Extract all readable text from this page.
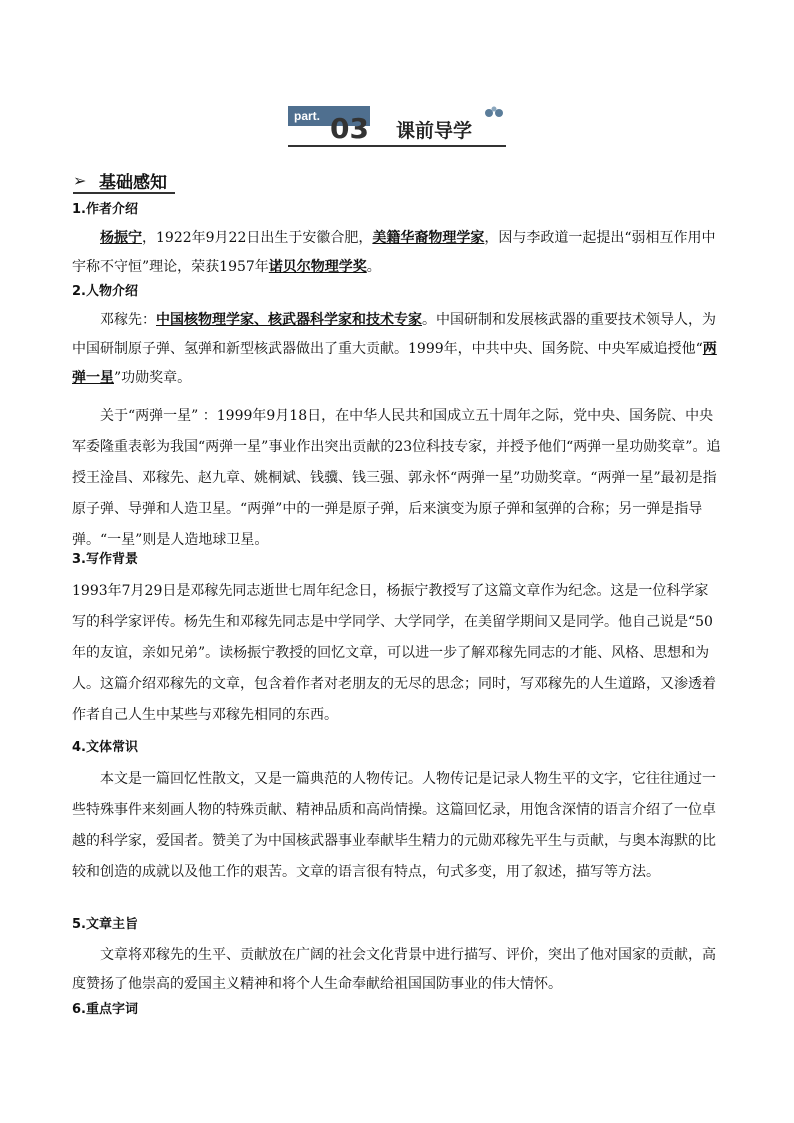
part. 03 课前导学
➢ 基础感知
1.作者介绍

杨振宁，1922年9月22日出生于安徽合肥，美籍华裔物理学家，因与李政道一起提出“弱相互作用中宇称不守恒”理论，荣获1957年诺贝尔物理学奖。

2.人物介绍

邓稼先：中国核物理学家、核武器科学家和技术专家。中国研制和发展核武器的重要技术领导人，为中国研制原子弹、氢弹和新型核武器做出了重大贡献。1999年，中共中央、国务院、中央军威追授他“两弹一星”功勋奖章。

关于“两弹一星” ：1999年9月18日，在中华人民共和国成立五十周年之际，党中央、国务院、中央军委隆重表彰为我国“两弹一星”事业作出突出贡献的23位科技专家，并授予他们“两弹一星功勋奖章”。追授王淦昌、邓稼先、赵九章、姚桐斌、钱骥、钱三强、郭永怀“两弹一星”功勋奖章。“两弹一星”最初是指原子弹、导弹和人造卫星。“两弹”中的一弹是原子弹，后来演变为原子弹和氢弹的合称；另一弹是指导弹。“一星”则是人造地球卫星。

3.写作背景

1993年7月29日是邓稼先同志逝世七周年纪念日，杨振宁教授写了这篇文章作为纪念。这是一位科学家写的科学家评传。杨先生和邓稼先同志是中学同学、大学同学，在美留学期间又是同学。他自己说是“50年的友谊，亲如兄弟”。读杨振宁教授的回忆文章，可以进一步了解邓稼先同志的才能、风格、思想和为人。这篇介绍邓稼先的文章，包含着作者对老朋友的无尽的思念；同时，写邓稼先的人生道路，又渗透着作者自己人生中某些与邓稼先相同的东西。

4.文体常识

本文是一篇回忆性散文，又是一篇典范的人物传记。人物传记是记录人物生平的文字，它往往通过一些特殊事件来刻画人物的特殊贡献、精神品质和高尚情操。这篇回忆录，用饱含深情的语言介绍了一位卓越的科学家，爱国者。赞美了为中国核武器事业奉献毕生精力的元勋邓稼先平生与贡献，与奥本海默的比较和创造的成就以及他工作的艰苦。文章的语言很有特点，句式多变，用了叙述，描写等方法。

5.文章主旨

文章将邓稼先的生平、贡献放在广阔的社会文化背景中进行描写、评价，突出了他对国家的贡献，高度赞扬了他崇高的爱国主义精神和将个人生命奉献给祖国国防事业的伟大情怀。

6.重点字词
